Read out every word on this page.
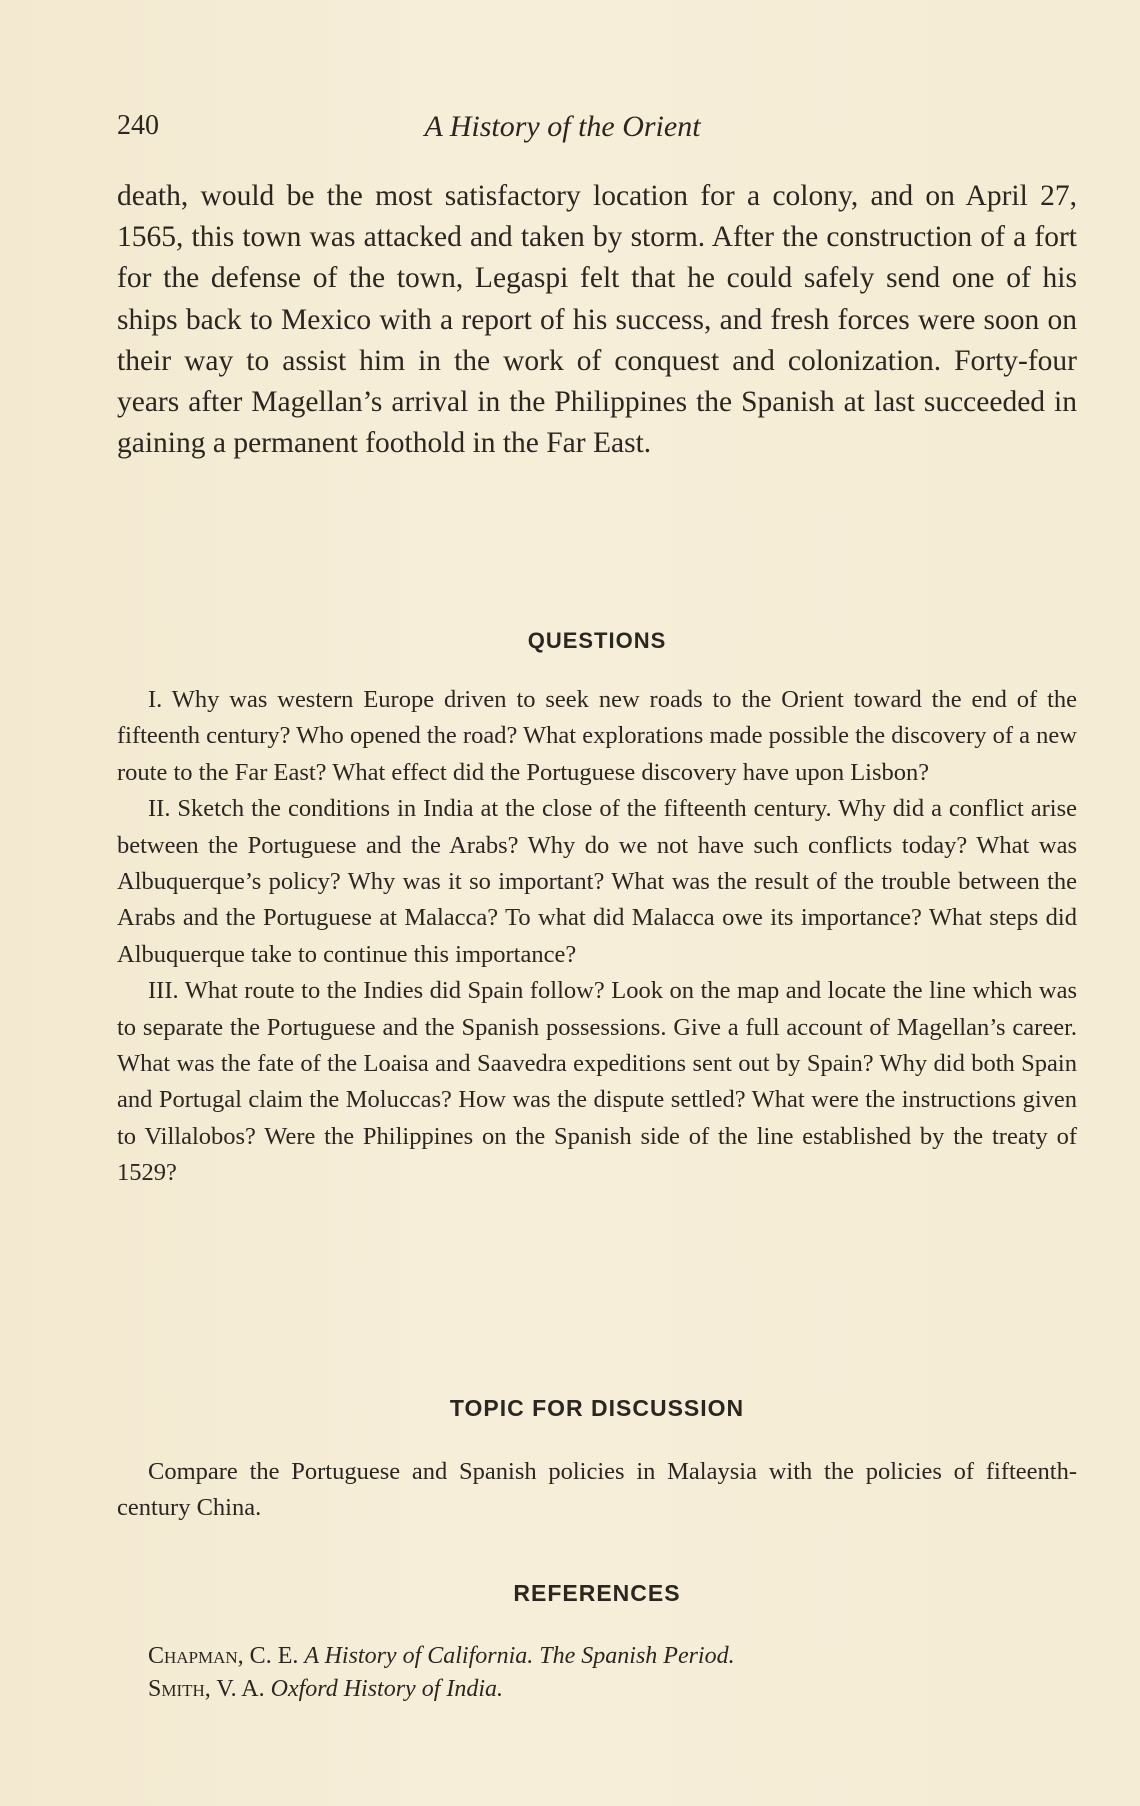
240	A History of the Orient

death, would be the most satisfactory location for a colony, and on April 27, 1565, this town was attacked and taken by storm. After the construction of a fort for the defense of the town, Legaspi felt that he could safely send one of his ships back to Mexico with a report of his success, and fresh forces were soon on their way to assist him in the work of conquest and colonization. Forty-four years after Magellan’s arrival in the Philippines the Spanish at last succeeded in gaining a permanent foothold in the Far East.

QUESTIONS

I. Why was western Europe driven to seek new roads to the Orient toward the end of the fifteenth century? Who opened the road? What explorations made possible the discovery of a new route to the Far East? What effect did the Portuguese discovery have upon Lisbon?

II. Sketch the conditions in India at the close of the fifteenth century. Why did a conflict arise between the Portuguese and the Arabs? Why do we not have such conflicts today? What was Albuquerque’s policy? Why was it so important? What was the result of the trouble between the Arabs and the Portuguese at Malacca? To what did Malacca owe its importance? What steps did Albuquerque take to continue this importance?

III. What route to the Indies did Spain follow? Look on the map and locate the line which was to separate the Portuguese and the Spanish possessions. Give a full account of Magellan’s career. What was the fate of the Loaisa and Saavedra expeditions sent out by Spain? Why did both Spain and Portugal claim the Moluccas? How was the dispute settled? What were the instructions given to Villalobos? Were the Philippines on the Spanish side of the line established by the treaty of 1529?

TOPIC FOR DISCUSSION

Compare the Portuguese and Spanish policies in Malaysia with the policies of fifteenth-century China.

REFERENCES

Chapman, C. E. A History of California. The Spanish Period.

Smith, V. A. Oxford History of India.
